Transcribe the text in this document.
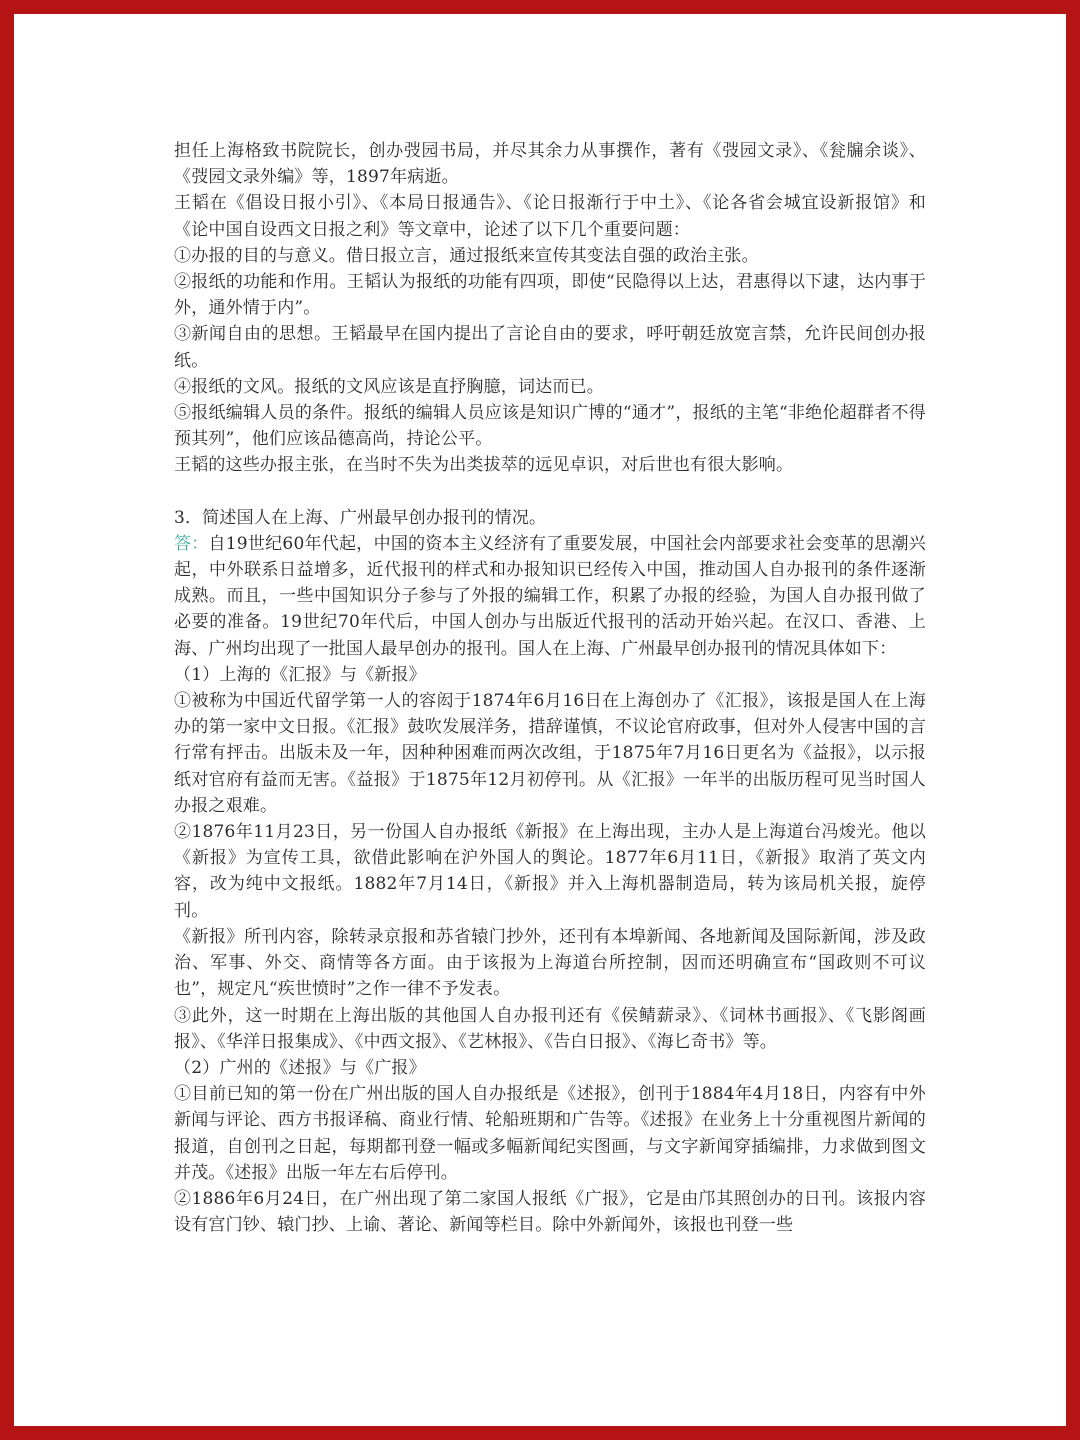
担任上海格致书院院长，创办弢园书局，并尽其余力从事撰作，著有《弢园文录》、《瓮牖余谈》、《弢园文录外编》等，1897年病逝。

王韬在《倡设日报小引》、《本局日报通告》、《论日报渐行于中土》、《论各省会城宜设新报馆》和《论中国自设西文日报之利》等文章中，论述了以下几个重要问题：

①办报的目的与意义。借日报立言，通过报纸来宣传其变法自强的政治主张。

②报纸的功能和作用。王韬认为报纸的功能有四项，即使“民隐得以上达，君惠得以下逮，达内事于外，通外情于内”。

③新闻自由的思想。王韬最早在国内提出了言论自由的要求，呼吁朝廷放宽言禁，允许民间创办报纸。

④报纸的文风。报纸的文风应该是直抒胸臆，词达而已。

⑤报纸编辑人员的条件。报纸的编辑人员应该是知识广博的“通才”，报纸的主笔“非绝伦超群者不得预其列”，他们应该品德高尚，持论公平。

王韬的这些办报主张，在当时不失为出类拔萃的远见卓识，对后世也有很大影响。

3．简述国人在上海、广州最早创办报刊的情况。

答：自19世纪60年代起，中国的资本主义经济有了重要发展，中国社会内部要求社会变革的思潮兴起，中外联系日益增多，近代报刊的样式和办报知识已经传入中国，推动国人自办报刊的条件逐渐成熟。而且，一些中国知识分子参与了外报的编辑工作，积累了办报的经验，为国人自办报刊做了必要的准备。19世纪70年代后，中国人创办与出版近代报刊的活动开始兴起。在汉口、香港、上海、广州均出现了一批国人最早创办的报刊。国人在上海、广州最早创办报刊的情况具体如下：

（1）上海的《汇报》与《新报》

①被称为中国近代留学第一人的容闳于1874年6月16日在上海创办了《汇报》，该报是国人在上海办的第一家中文日报。《汇报》鼓吹发展洋务，措辞谨慎，不议论官府政事，但对外人侵害中国的言行常有抨击。出版未及一年，因种种困难而两次改组，于1875年7月16日更名为《益报》，以示报纸对官府有益而无害。《益报》于1875年12月初停刊。从《汇报》一年半的出版历程可见当时国人办报之艰难。

②1876年11月23日，另一份国人自办报纸《新报》在上海出现，主办人是上海道台冯焌光。他以《新报》为宣传工具，欲借此影响在沪外国人的舆论。1877年6月11日，《新报》取消了英文内容，改为纯中文报纸。1882年7月14日，《新报》并入上海机器制造局，转为该局机关报，旋停刊。

《新报》所刊内容，除转录京报和苏省辕门抄外，还刊有本埠新闻、各地新闻及国际新闻，涉及政治、军事、外交、商情等各方面。由于该报为上海道台所控制，因而还明确宣布“国政则不可议也”，规定凡“疾世愤时”之作一律不予发表。

③此外，这一时期在上海出版的其他国人自办报刊还有《侯鲭薪录》、《词林书画报》、《飞影阁画报》、《华洋日报集成》、《中西文报》、《艺林报》、《告白日报》、《海匕奇书》等。

（2）广州的《述报》与《广报》

①目前已知的第一份在广州出版的国人自办报纸是《述报》，创刊于1884年4月18日，内容有中外新闻与评论、西方书报译稿、商业行情、轮船班期和广告等。《述报》在业务上十分重视图片新闻的报道，自创刊之日起，每期都刊登一幅或多幅新闻纪实图画，与文字新闻穿插编排，力求做到图文并茂。《述报》出版一年左右后停刊。

②1886年6月24日，在广州出现了第二家国人报纸《广报》，它是由邝其照创办的日刊。该报内容设有宫门钞、辕门抄、上谕、著论、新闻等栏目。除中外新闻外，该报也刊登一些
